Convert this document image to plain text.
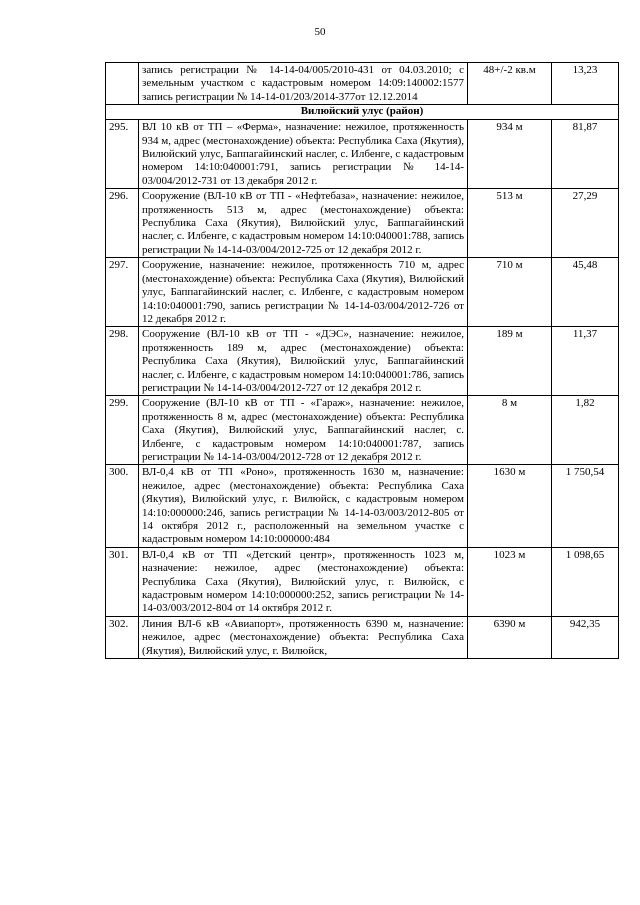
50
	запись регистрации № 14-14-04/005/2010-431 от 04.03.2010; с земельным участком с кадастровым номером 14:09:140002:1577 запись регистрации № 14-14-01/203/2014-377от 12.12.2014	48+/-2 кв.м	13,23
Вилюйский улус (район)			
295.	ВЛ 10 кВ от ТП – «Ферма», назначение: нежилое, протяженность 934 м, адрес (местонахождение) объекта: Республика Саха (Якутия), Вилюйский улус, Баппагайинский наслег, с. Илбенге, с кадастровым номером 14:10:040001:791, запись регистрации № 14-14-03/004/2012-731 от 13 декабря 2012 г.	934 м	81,87
296.	Сооружение (ВЛ-10 кВ от ТП - «Нефтебаза», назначение: нежилое, протяженность 513 м, адрес (местонахождение) объекта: Республика Саха (Якутия), Вилюйский улус, Баппагайинский наслег, с. Илбенге, с кадастровым номером 14:10:040001:788, запись регистрации № 14-14-03/004/2012-725 от 12 декабря 2012 г.	513 м	27,29
297.	Сооружение, назначение: нежилое, протяженность 710 м, адрес (местонахождение) объекта: Республика Саха (Якутия), Вилюйский улус, Баппагайинский наслег, с. Илбенге, с кадастровым номером 14:10:040001:790, запись регистрации № 14-14-03/004/2012-726 от 12 декабря 2012 г.	710 м	45,48
298.	Сооружение (ВЛ-10 кВ от ТП - «ДЭС», назначение: нежилое, протяженность 189 м, адрес (местонахождение) объекта: Республика Саха (Якутия), Вилюйский улус, Баппагайинский наслег, с. Илбенге, с кадастровым номером 14:10:040001:786, запись регистрации № 14-14-03/004/2012-727 от 12 декабря 2012 г.	189 м	11,37
299.	Сооружение (ВЛ-10 кВ от ТП - «Гараж», назначение: нежилое, протяженность 8 м, адрес (местонахождение) объекта: Республика Саха (Якутия), Вилюйский улус, Баппагайинский наслег, с. Илбенге, с кадастровым номером 14:10:040001:787, запись регистрации № 14-14-03/004/2012-728 от 12 декабря 2012 г.	8 м	1,82
300.	ВЛ-0,4 кВ от ТП «Роно», протяженность 1630 м, назначение: нежилое, адрес (местонахождение) объекта: Республика Саха (Якутия), Вилюйский улус, г. Вилюйск, с кадастровым номером 14:10:000000:246, запись регистрации № 14-14-03/003/2012-805 от 14 октября 2012 г., расположенный на земельном участке с кадастровым номером 14:10:000000:484	1630 м	1 750,54
301.	ВЛ-0,4 кВ от ТП «Детский центр», протяженность 1023 м, назначение: нежилое, адрес (местонахождение) объекта: Республика Саха (Якутия), Вилюйский улус, г. Вилюйск, с кадастровым номером 14:10:000000:252, запись регистрации № 14-14-03/003/2012-804 от 14 октября 2012 г.	1023 м	1 098,65
302.	Линия ВЛ-6 кВ «Авиапорт», протяженность 6390 м, назначение: нежилое, адрес (местонахождение) объекта: Республика Саха (Якутия), Вилюйский улус, г. Вилюйск,	6390 м	942,35
